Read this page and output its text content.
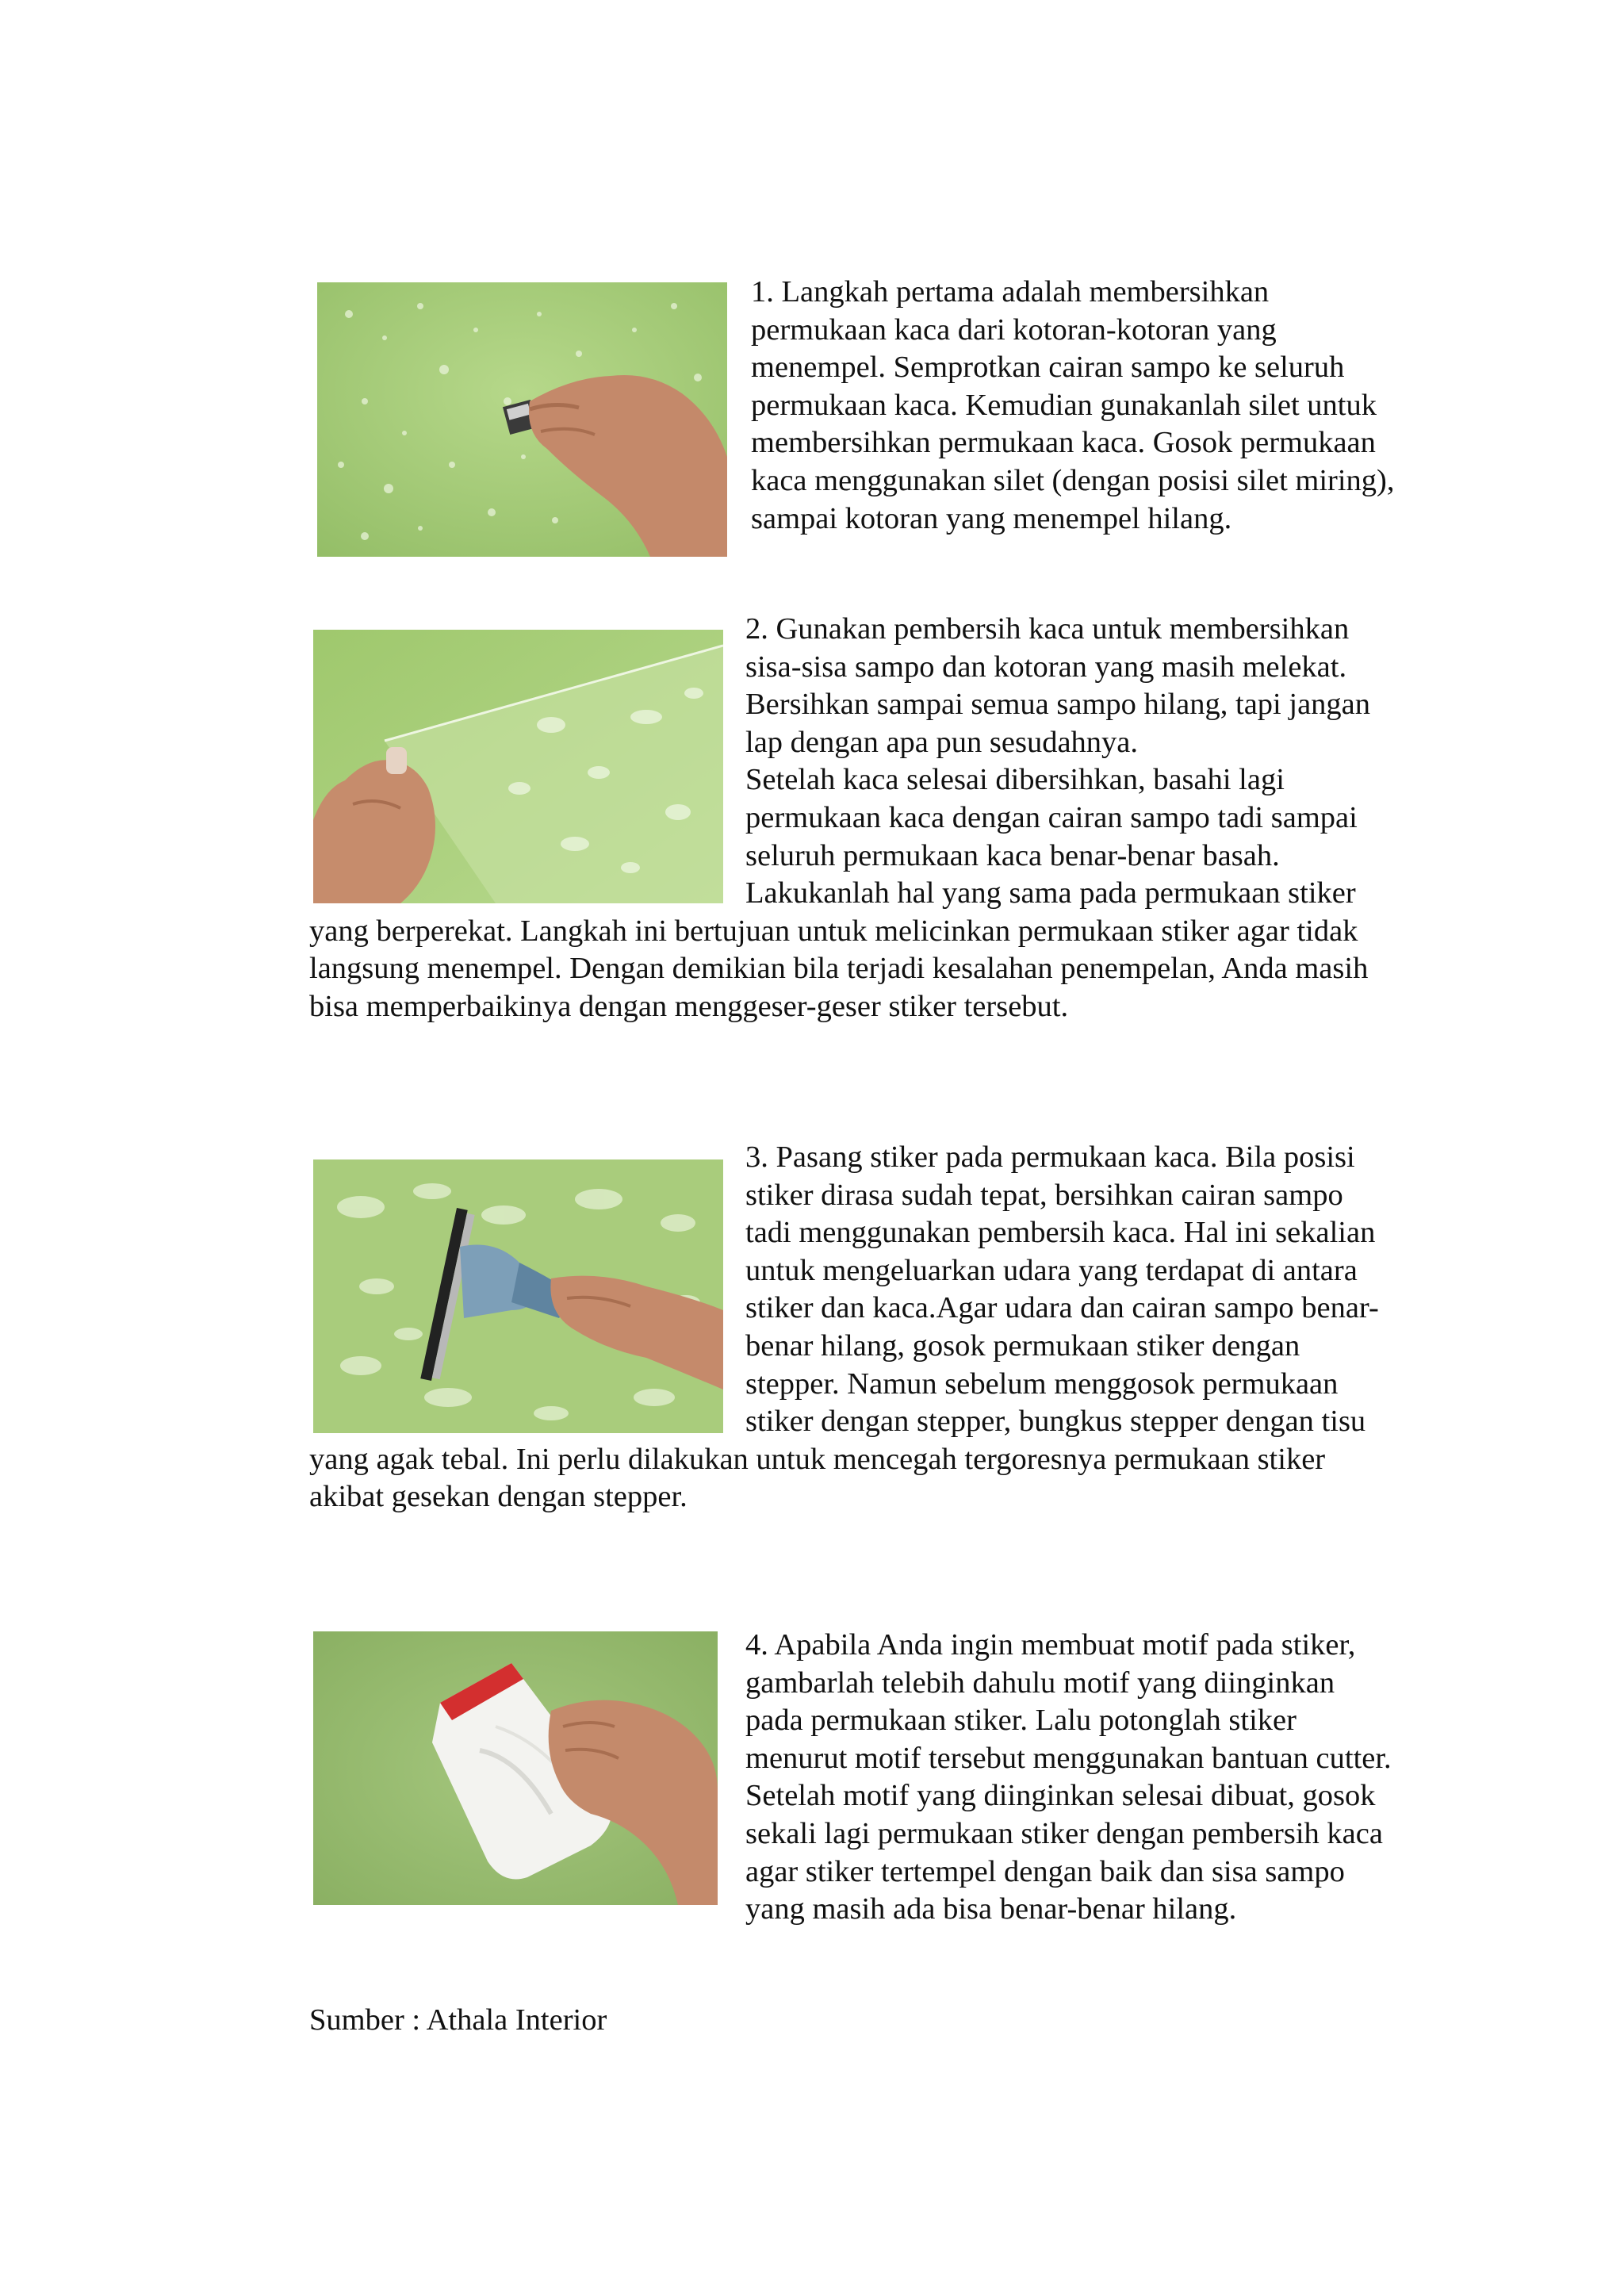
1. Langkah pertama adalah membersihkan permukaan kaca dari kotoran-kotoran yang menempel. Semprotkan cairan sampo ke seluruh permukaan kaca. Kemudian gunakanlah silet untuk membersihkan permukaan kaca. Gosok permukaan kaca menggunakan silet (dengan posisi silet miring), sampai kotoran yang menempel hilang.

2. Gunakan pembersih kaca untuk membersihkan sisa-sisa sampo dan kotoran yang masih melekat. Bersihkan sampai semua sampo hilang, tapi jangan lap dengan apa pun sesudahnya.

Setelah kaca selesai dibersihkan, basahi lagi permukaan kaca dengan cairan sampo tadi sampai seluruh permukaan kaca benar-benar basah. Lakukanlah hal yang sama pada permukaan stiker yang berperekat. Langkah ini bertujuan untuk melicinkan permukaan stiker agar tidak langsung menempel. Dengan demikian bila terjadi kesalahan penempelan, Anda masih bisa memperbaikinya dengan menggeser-geser stiker tersebut.

3. Pasang stiker pada permukaan kaca. Bila posisi stiker dirasa sudah tepat, bersihkan cairan sampo tadi menggunakan pembersih kaca. Hal ini sekalian untuk mengeluarkan udara yang terdapat di antara stiker dan kaca.Agar udara dan cairan sampo benar-benar hilang, gosok permukaan stiker dengan stepper. Namun sebelum menggosok permukaan stiker dengan stepper, bungkus stepper dengan tisu yang agak tebal. Ini perlu dilakukan untuk mencegah tergoresnya permukaan stiker akibat gesekan dengan stepper.

4. Apabila Anda ingin membuat motif pada stiker, gambarlah telebih dahulu motif yang diinginkan pada permukaan stiker. Lalu potonglah stiker menurut motif tersebut menggunakan bantuan cutter.

Setelah motif yang diinginkan selesai dibuat, gosok sekali lagi permukaan stiker dengan pembersih kaca agar stiker tertempel dengan baik dan sisa sampo yang masih ada bisa benar-benar hilang.

Sumber : Athala Interior
